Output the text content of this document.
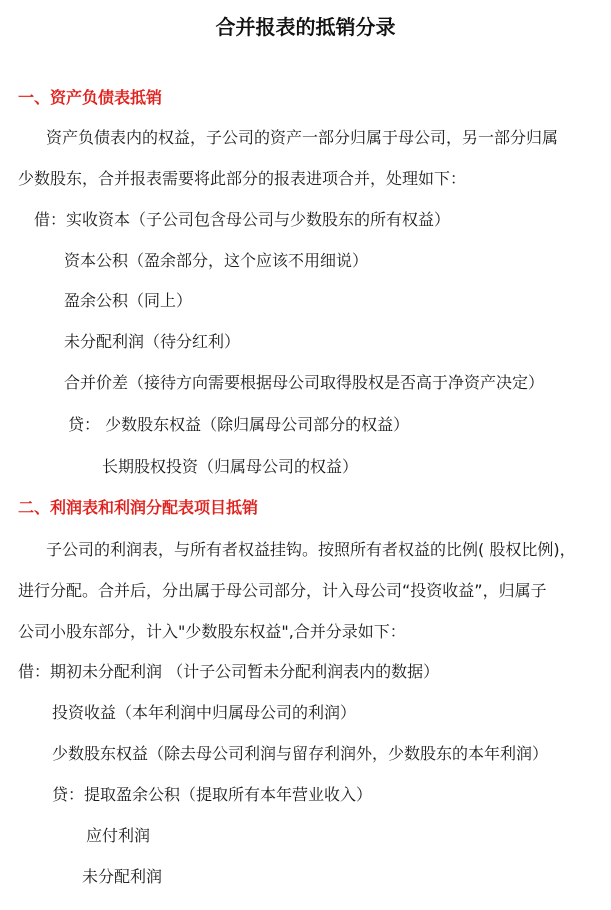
合并报表的抵销分录
一、资产负债表抵销
资产负债表内的权益，子公司的资产一部分归属于母公司，另一部分归属
少数股东，合并报表需要将此部分的报表进项合并，处理如下：
借：实收资本（子公司包含母公司与少数股东的所有权益）
资本公积（盈余部分，这个应该不用细说）
盈余公积（同上）
未分配利润（待分红利）
合并价差（接待方向需要根据母公司取得股权是否高于净资产决定）
贷： 少数股东权益（除归属母公司部分的权益）
长期股权投资（归属母公司的权益）
二、利润表和利润分配表项目抵销
子公司的利润表，与所有者权益挂钩。按照所有者权益的比例( 股权比例)，
进行分配。合并后，分出属于母公司部分，计入母公司“投资收益”，归属子
公司小股东部分，计入"少数股东权益",合并分录如下：
借：期初未分配利润 （计子公司暂未分配利润表内的数据）
投资收益（本年利润中归属母公司的利润）
少数股东权益（除去母公司利润与留存利润外，少数股东的本年利润）
贷：提取盈余公积（提取所有本年营业收入）
应付利润
未分配利润
